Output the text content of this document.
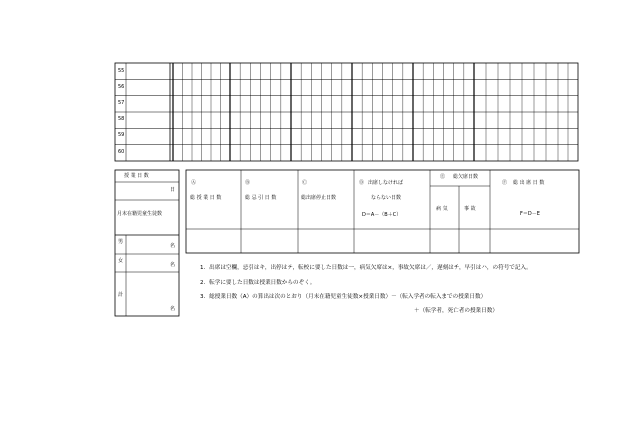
55
56
57
58
59
60
授 業 日 数
日
月末在籍児童生徒数
男
名
女
名
計
名
Ⓐ
総 授 業 日 数
Ⓑ
総 忌 引 日 数
Ⓒ
総出席停止日数
Ⓓ 出席しなければ
ならない日数
D＝A－（B＋C）
Ⓔ 総欠席日数
病 気	事 故
Ⓕ 総 出 席 日 数
F＝D－E
1．出席は空欄，忌引はキ，出停はテ，転校に要した日数は一，病気欠席は×，事故欠席は／，遅刻はチ，早引はハ，の符号で記入。
2．転学に要した日数は授業日数からのぞく。
3．総授業日数（A）の算出は次のとおり（月末在籍児童生徒数×授業日数）－（転入学者の転入までの授業日数）
＋（転学者，死亡者の授業日数）
